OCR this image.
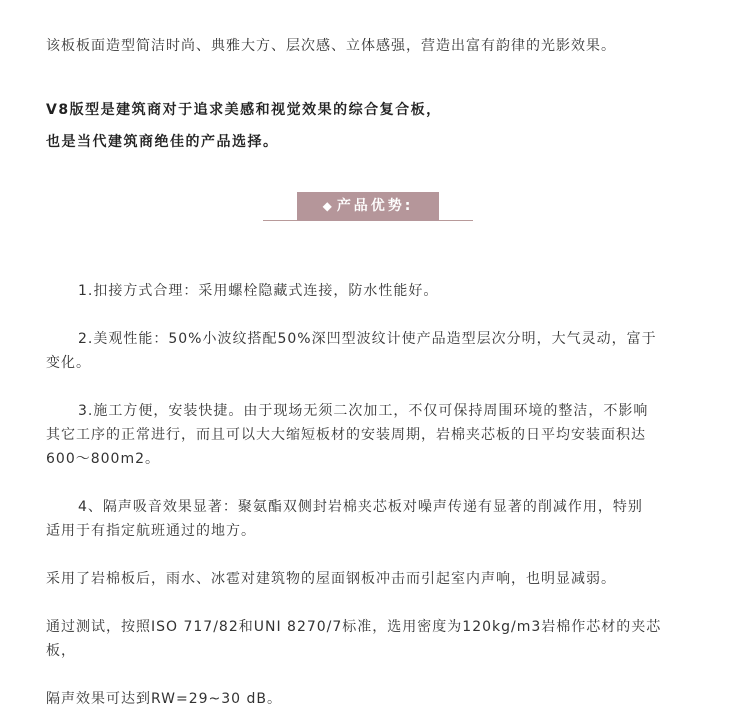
该板板面造型简洁时尚、典雅大方、层次感、立体感强，营造出富有韵律的光影效果。
V8版型是建筑商对于追求美感和视觉效果的综合复合板，
也是当代建筑商绝佳的产品选择。
◆ 产品优势:
1.扣接方式合理：采用螺栓隐藏式连接，防水性能好。
2.美观性能：50%小波纹搭配50%深凹型波纹计使产品造型层次分明，大气灵动，富于
变化。
3.施工方便，安装快捷。由于现场无须二次加工，不仅可保持周围环境的整洁，不影响
其它工序的正常进行，而且可以大大缩短板材的安装周期，岩棉夹芯板的日平均安装面积达
600～800m2。
4、隔声吸音效果显著：聚氨酯双侧封岩棉夹芯板对噪声传递有显著的削减作用，特别
适用于有指定航班通过的地方。
采用了岩棉板后，雨水、冰雹对建筑物的屋面钢板冲击而引起室内声响，也明显减弱。
通过测试，按照ISO 717/82和UNI 8270/7标准，选用密度为120kg/m3岩棉作芯材的夹芯
板，
隔声效果可达到RW=29~30 dB。
